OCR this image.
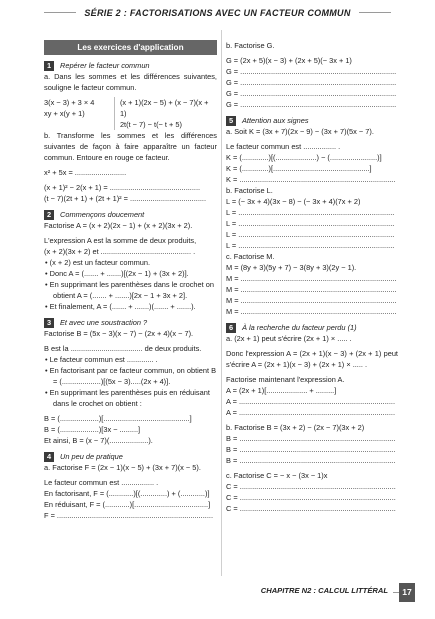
SÉRIE 2 : FACTORISATIONS AVEC UN FACTEUR COMMUN
Les exercices d'application
1 Repérer le facteur commun

a. Dans les sommes et les différences suivantes, souligne le facteur commun.

3(x − 3) + 3 × 4

xy + x(y + 1)

(x + 1)(2x − 5) + (x − 7)(x + 1)

2t(t − 7) − t(− t + 5)

b. Transforme les sommes et les différences suivantes de façon à faire apparaître un facteur commun. Entoure en rouge ce facteur.

x² + 5x = .........................

(x + 1)² − 2(x + 1) = ............................................

(t − 7)(2t + 1) + (2t + 1)² = .....................................

2 Commençons doucement

Factorise A = (x + 2)(2x − 1) + (x + 2)(3x + 2).

L'expression A est la somme de deux produits,

(x + 2)(3x + 2) et ............................................ .

• (x + 2) est un facteur commun.

• Donc A = (....... + .......)[(2x − 1) + (3x + 2)].

• En supprimant les parenthèses dans le crochet on obtient A = (....... + .......)[2x − 1 + 3x + 2].

• Et finalement, A = (....... + .......)(....... + .......).

3 Et avec une soustraction ?

Factorise B = (5x − 3)(x − 7) − (2x + 4)(x − 7).

B est la ................................... de deux produits.

• Le facteur commun est ............. .

• En factorisant par ce facteur commun, on obtient B = (...................)[(5x − 3).....(2x + 4)].

• En supprimant les parenthèses puis en réduisant dans le crochet on obtient :

B = (...................)[..........................................]

B = (...................)[3x − .........]

Et ainsi, B = (x − 7)(...................).

4 Un peu de pratique

a. Factorise F = (2x − 1)(x − 5) + (3x + 7)(x − 5).

Le facteur commun est ................ .

En factorisant, F = (............)[(.............) + (............)]

En réduisant, F = (............)[....................................]

F = ............................................................................

b. Factorise G.

G = (2x + 5)(x − 3) + (2x + 5)(− 3x + 1)

G = ............................................................................

G = ............................................................................

G = ............................................................................

G = ............................................................................

5 Attention aux signes

a. Soit K = (3x + 7)(2x − 9) − (3x + 7)(5x − 7).

Le facteur commun est ................ .

K = (.............)[(....................) − (.......................)]

K = (.............)[...............................................]

K = ............................................................................

b. Factorise L.

L = (− 3x + 4)(3x − 8) − (− 3x + 4)(7x + 2)

L = ............................................................................

L = ............................................................................

L = ............................................................................

L = ............................................................................

c. Factorise M.

M = (8y + 3)(5y + 7) − 3(8y + 3)(2y − 1).

M = ............................................................................

M = ............................................................................

M = ............................................................................

M = ............................................................................

6 À la recherche du facteur perdu (1)

a. (2x + 1) peut s'écrire (2x + 1) × ..... .

Donc l'expression A = (2x + 1)(x − 3) + (2x + 1) peut s'écrire A = (2x + 1)(x − 3) + (2x + 1) × ..... .

Factorise maintenant l'expression A.

A = (2x + 1)[.................... + .........]

A = ............................................................................

A = ............................................................................

b. Factorise B = (3x + 2) − (2x − 7)(3x + 2)

B = ............................................................................

B = ............................................................................

B = ............................................................................

c. Factorise C = − x − (3x − 1)x

C = ............................................................................

C = ............................................................................

C = ............................................................................

CHAPITRE N2 : CALCUL LITTÉRAL	17
